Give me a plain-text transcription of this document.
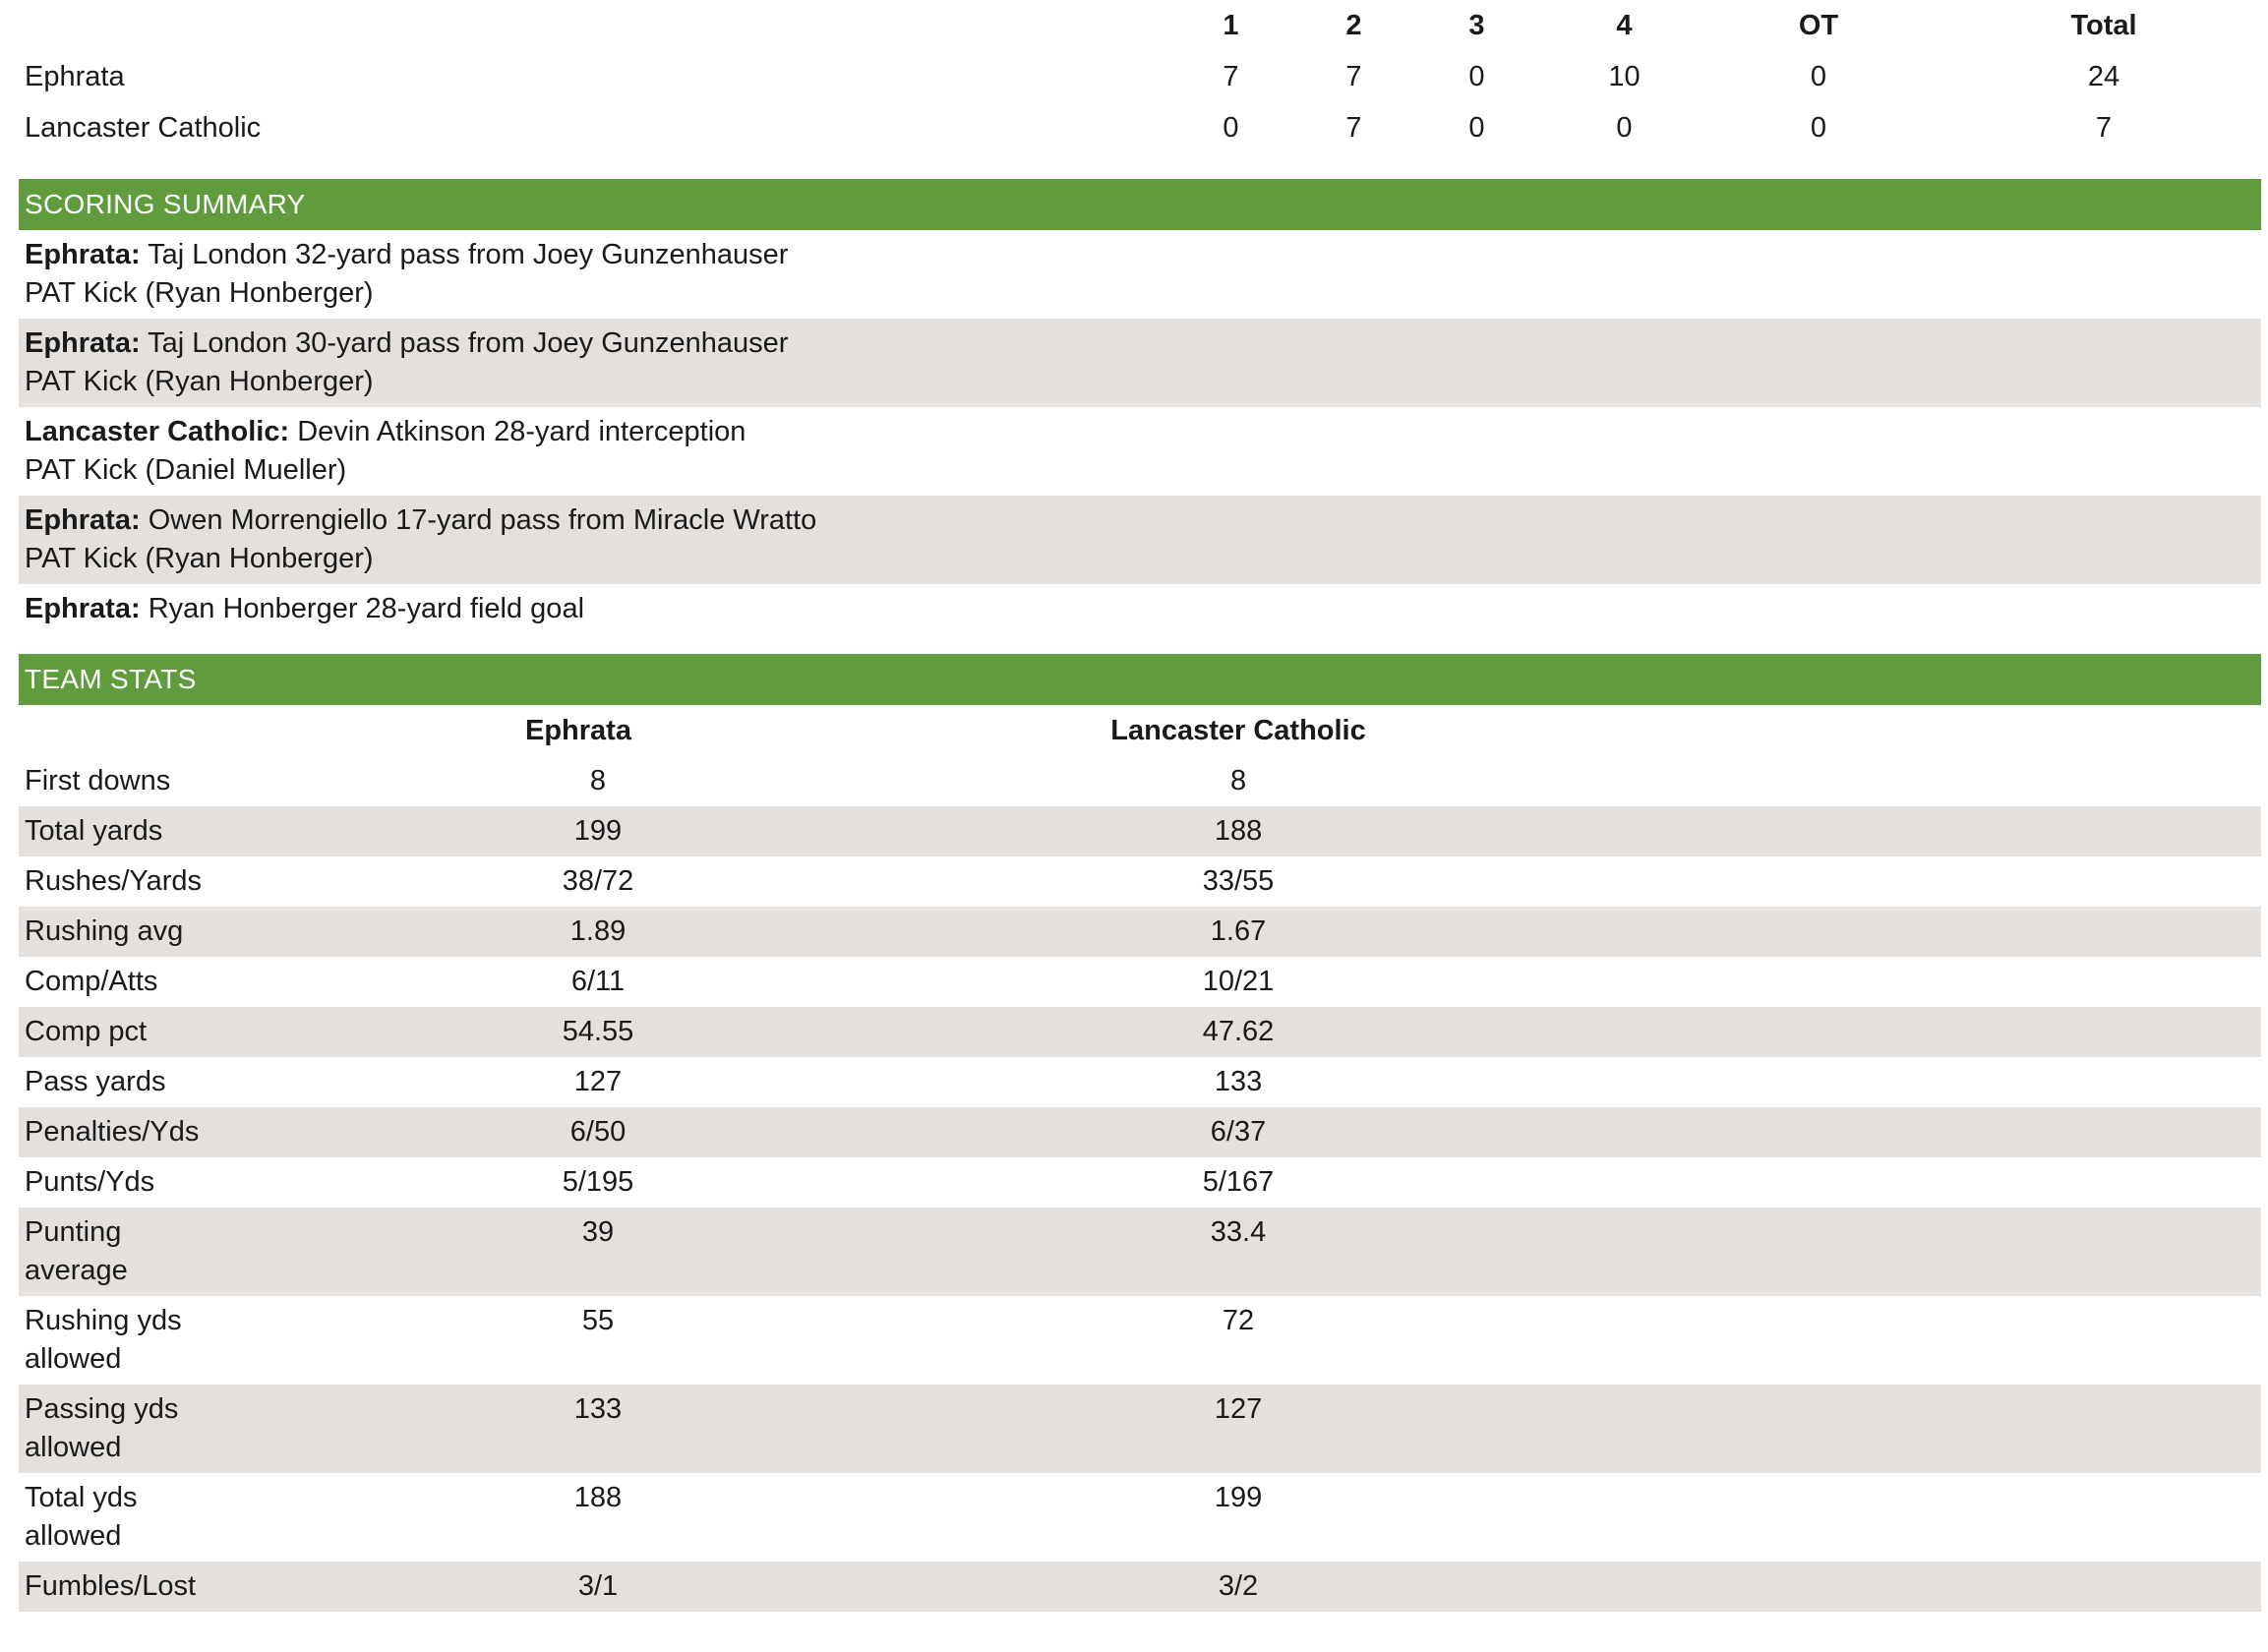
	1	2	3	4	OT	Total
Ephrata	7	7	0	10	0	24
Lancaster Catholic	0	7	0	0	0	7
SCORING SUMMARY
Ephrata: Taj London 32-yard pass from Joey Gunzenhauser
PAT Kick (Ryan Honberger)
Ephrata: Taj London 30-yard pass from Joey Gunzenhauser
PAT Kick (Ryan Honberger)
Lancaster Catholic: Devin Atkinson 28-yard interception
PAT Kick (Daniel Mueller)
Ephrata: Owen Morrengiello 17-yard pass from Miracle Wratto
PAT Kick (Ryan Honberger)
Ephrata: Ryan Honberger 28-yard field goal
TEAM STATS
	Ephrata	Lancaster Catholic	
First downs	8	8	
Total yards	199	188	
Rushes/Yards	38/72	33/55	
Rushing avg	1.89	1.67	
Comp/Atts	6/11	10/21	
Comp pct	54.55	47.62	
Pass yards	127	133	
Penalties/Yds	6/50	6/37	
Punts/Yds	5/195	5/167	
Punting average	39	33.4	
Rushing yds allowed	55	72	
Passing yds allowed	133	127	
Total yds allowed	188	199	
Fumbles/Lost	3/1	3/2	
